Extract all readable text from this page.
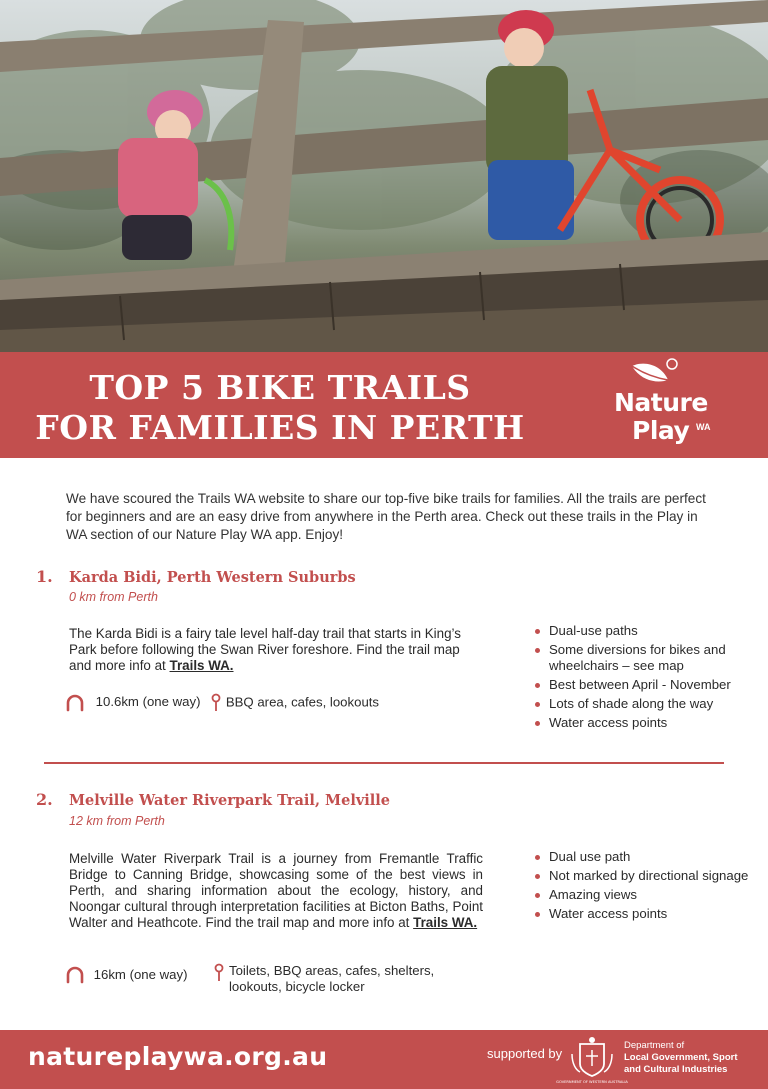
TOP 5 BIKE TRAILS
FOR FAMILIES IN PERTH
Nature
Play WA

We have scoured the Trails WA website to share our top-five bike trails for families. All the trails are perfect for beginners and are an easy drive from anywhere in the Perth area. Check out these trails in the Play in WA section of our Nature Play WA app. Enjoy!

1. Karda Bidi, Perth Western Suburbs
0 km from Perth

The Karda Bidi is a fairy tale level half-day trail that starts in King’s Park before following the Swan River foreshore. Find the trail map and more info at Trails WA.

10.6km (one way) BBQ area, cafes, lookouts
Dual-use paths
Some diversions for bikes and wheelchairs – see map
Best between April - November
Lots of shade along the way
Water access points
2. Melville Water Riverpark Trail, Melville
12 km from Perth

Melville Water Riverpark Trail is a journey from Fremantle Traffic Bridge to Canning Bridge, showcasing some of the best views in Perth, and sharing information about the ecology, history, and Noongar cultural through interpretation facilities at Bicton Baths, Point Walter and Heathcote. Find the trail map and more info at Trails WA.

16km (one way)	Toilets, BBQ areas, cafes, shelters, lookouts, bicycle locker
Dual use path
Not marked by directional signage
Amazing views
Water access points
natureplaywa.org.au	supported by
GOVERNMENT OF WESTERN AUSTRALIA
Department of
Local Government, Sport
and Cultural Industries
